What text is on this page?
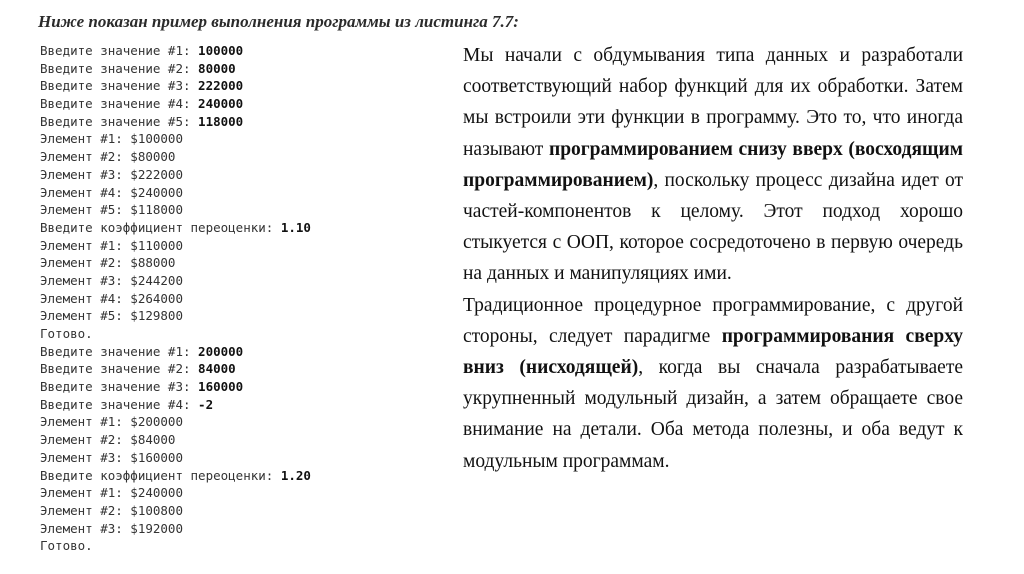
Ниже показан пример выполнения программы из листинга 7.7:
Введите значение #1: 100000
Введите значение #2: 80000
Введите значение #3: 222000
Введите значение #4: 240000
Введите значение #5: 118000
Элемент #1: $100000
Элемент #2: $80000
Элемент #3: $222000
Элемент #4: $240000
Элемент #5: $118000
Введите коэффициент переоценки: 1.10
Элемент #1: $110000
Элемент #2: $88000
Элемент #3: $244200
Элемент #4: $264000
Элемент #5: $129800
Готово.
Введите значение #1: 200000
Введите значение #2: 84000
Введите значение #3: 160000
Введите значение #4: -2
Элемент #1: $200000
Элемент #2: $84000
Элемент #3: $160000
Введите коэффициент переоценки: 1.20
Элемент #1: $240000
Элемент #2: $100800
Элемент #3: $192000
Готово.

Мы начали с обдумывания типа данных и разработали соответствующий набор функций для их обработки. Затем мы встроили эти функции в программу. Это то, что иногда называют программированием снизу вверх (восходящим программированием), поскольку процесс дизайна идет от частей-компонентов к целому. Этот подход хорошо стыкуется с ООП, которое сосредоточено в первую очередь на данных и манипуляциях ими.

Традиционное процедурное программирование, с другой стороны, следует парадигме программирования сверху вниз (нисходящей), когда вы сначала разрабатываете укрупненный модульный дизайн, а затем обращаете свое внимание на детали. Оба метода полезны, и оба ведут к модульным программам.
